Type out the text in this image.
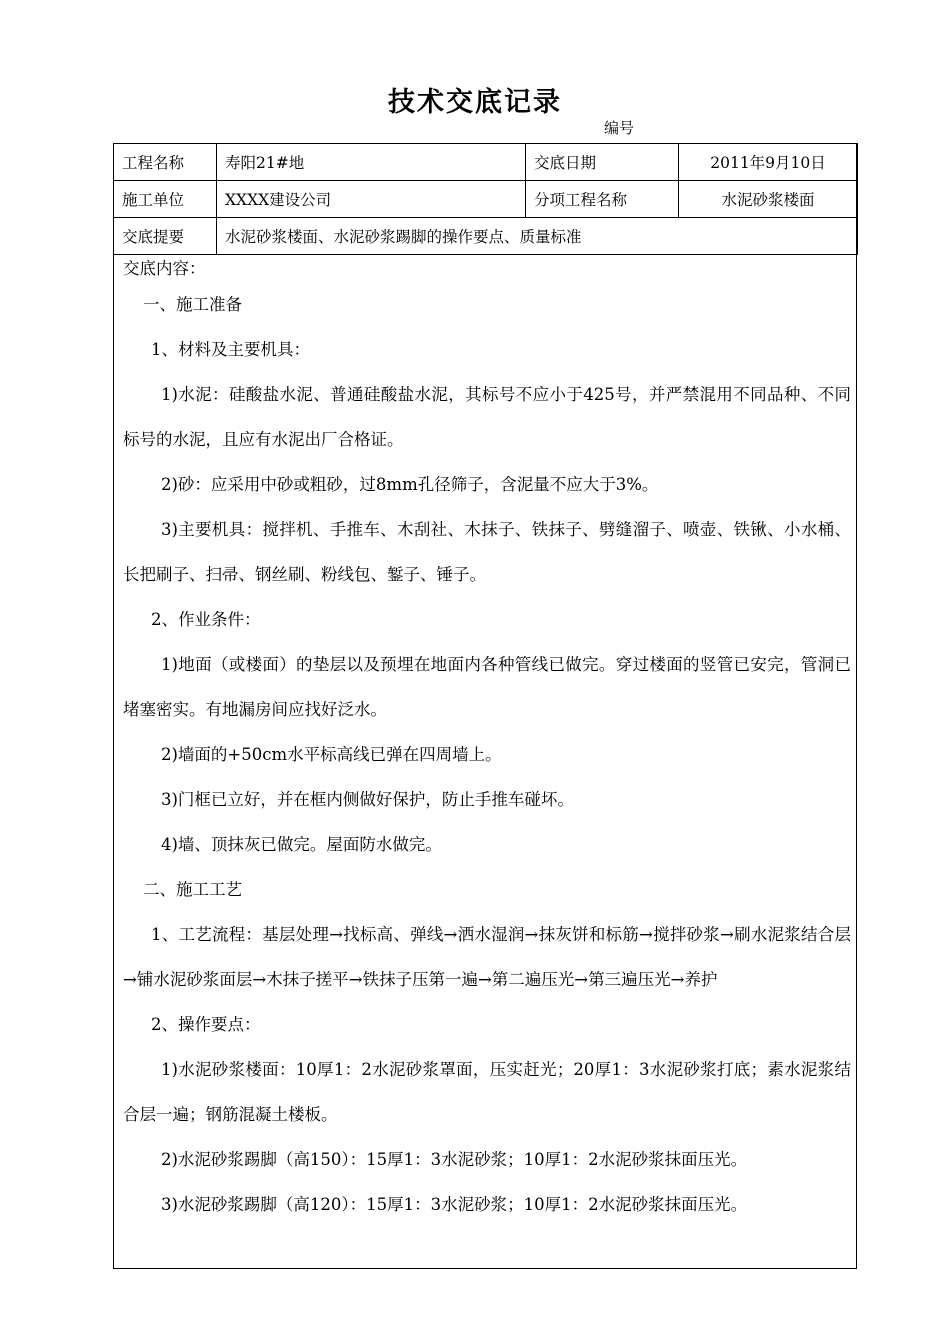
技术交底记录
编号
工程名称	寿阳21#地	交底日期	2011年9月10日
施工单位	XXXX建设公司	分项工程名称	水泥砂浆楼面
交底提要	水泥砂浆楼面、水泥砂浆踢脚的操作要点、质量标准		
交底内容：

一、施工准备

1、材料及主要机具：

1)水泥：硅酸盐水泥、普通硅酸盐水泥，其标号不应小于425号，并严禁混用不同品种、不同标号的水泥，且应有水泥出厂合格证。

2)砂：应采用中砂或粗砂，过8mm孔径筛子，含泥量不应大于3%。

3)主要机具：搅拌机、手推车、木刮社、木抹子、铁抹子、劈缝溜子、喷壶、铁锹、小水桶、长把刷子、扫帚、钢丝刷、粉线包、錾子、锤子。

2、作业条件：

1)地面（或楼面）的垫层以及预埋在地面内各种管线已做完。穿过楼面的竖管已安完，管洞已堵塞密实。有地漏房间应找好泛水。

2)墙面的+50cm水平标高线已弹在四周墙上。

3)门框已立好，并在框内侧做好保护，防止手推车碰坏。

4)墙、顶抹灰已做完。屋面防水做完。

二、施工工艺

1、工艺流程：基层处理→找标高、弹线→洒水湿润→抹灰饼和标筋→搅拌砂浆→刷水泥浆结合层→铺水泥砂浆面层→木抹子搓平→铁抹子压第一遍→第二遍压光→第三遍压光→养护

2、操作要点：

1)水泥砂浆楼面：10厚1：2水泥砂浆罩面，压实赶光；20厚1：3水泥砂浆打底；素水泥浆结合层一遍；钢筋混凝土楼板。

2)水泥砂浆踢脚（高150）：15厚1：3水泥砂浆；10厚1：2水泥砂浆抹面压光。

3)水泥砂浆踢脚（高120）：15厚1：3水泥砂浆；10厚1：2水泥砂浆抹面压光。
